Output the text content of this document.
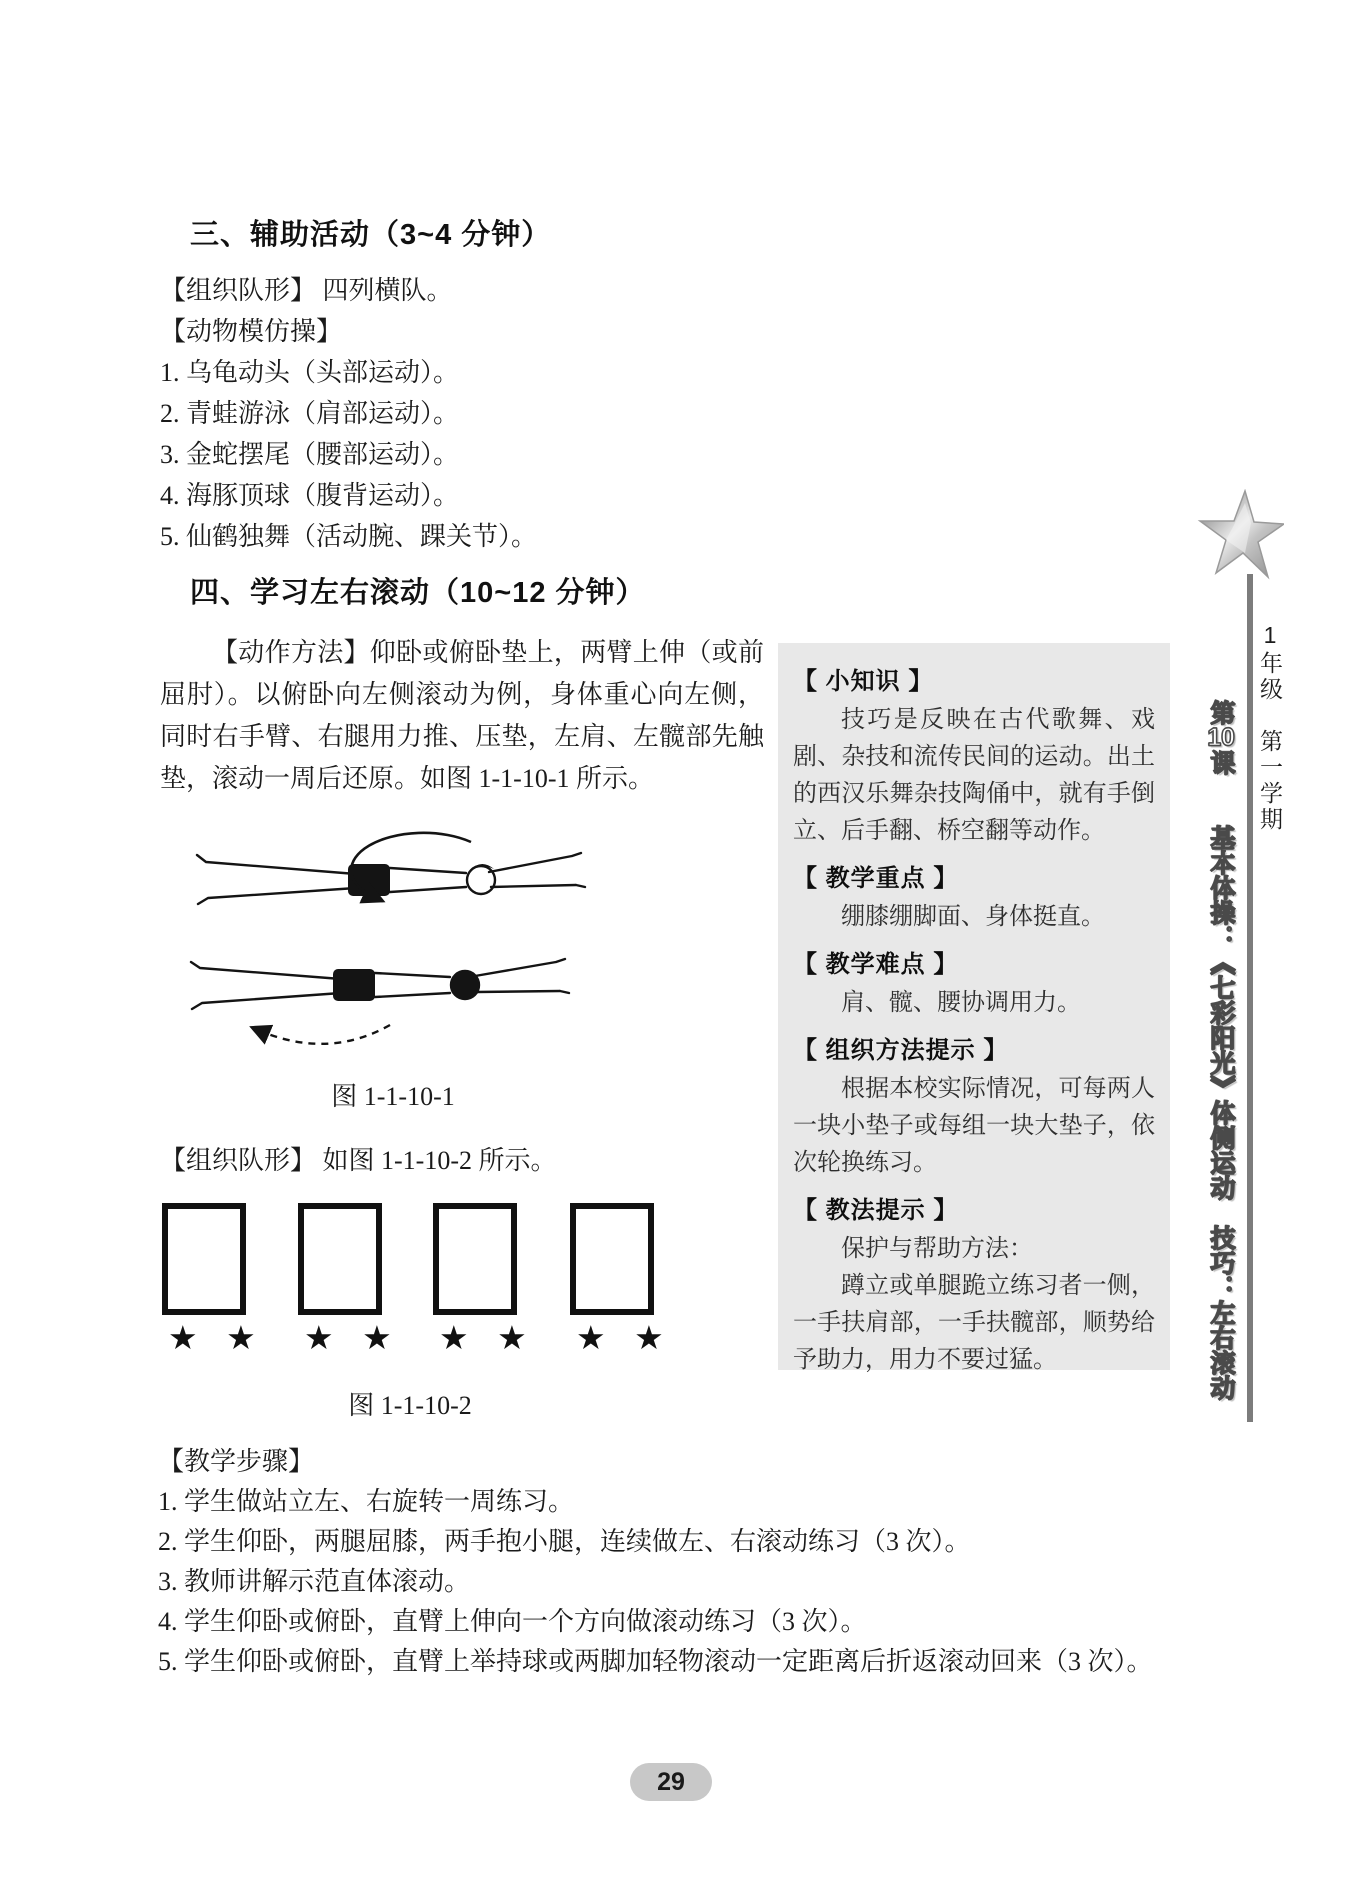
三、辅助活动（3~4 分钟）

【组织队形】 四列横队。

【动物模仿操】

1. 乌龟动头（头部运动）。

2. 青蛙游泳（肩部运动）。

3. 金蛇摆尾（腰部运动）。

4. 海豚顶球（腹背运动）。

5. 仙鹤独舞（活动腕、踝关节）。

四、学习左右滚动（10~12 分钟）

【动作方法】仰卧或俯卧垫上，两臂上伸（或前屈肘）。以俯卧向左侧滚动为例，身体重心向左侧，同时右手臂、右腿用力推、压垫，左肩、左髋部先触垫，滚动一周后还原。如图 1-1-10-1 所示。

图 1-1-10-1

【组织队形】 如图 1-1-10-2 所示。

★ ★ ★ ★ ★ ★ ★ ★

图 1-1-10-2

【教学步骤】

1. 学生做站立左、右旋转一周练习。

2. 学生仰卧，两腿屈膝，两手抱小腿，连续做左、右滚动练习（3 次）。

3. 教师讲解示范直体滚动。

4. 学生仰卧或俯卧，直臂上伸向一个方向做滚动练习（3 次）。

5. 学生仰卧或俯卧，直臂上举持球或两脚加轻物滚动一定距离后折返滚动回来（3 次）。

【 小知识 】

技巧是反映在古代歌舞、戏剧、杂技和流传民间的运动。出土的西汉乐舞杂技陶俑中，就有手倒立、后手翻、桥空翻等动作。

【 教学重点 】

绷膝绷脚面、身体挺直。

【 教学难点 】

肩、髋、腰协调用力。

【 组织方法提示 】

根据本校实际情况，可每两人一块小垫子或每组一块大垫子，依次轮换练习。

【 教法提示 】

保护与帮助方法：

蹲立或单腿跪立练习者一侧，一手扶肩部，一手扶髋部，顺势给予助力，用力不要过猛。

1年级　第一学期
第10课　　基本体操：《七彩阳光》体侧运动　技巧：左右滚动
29
